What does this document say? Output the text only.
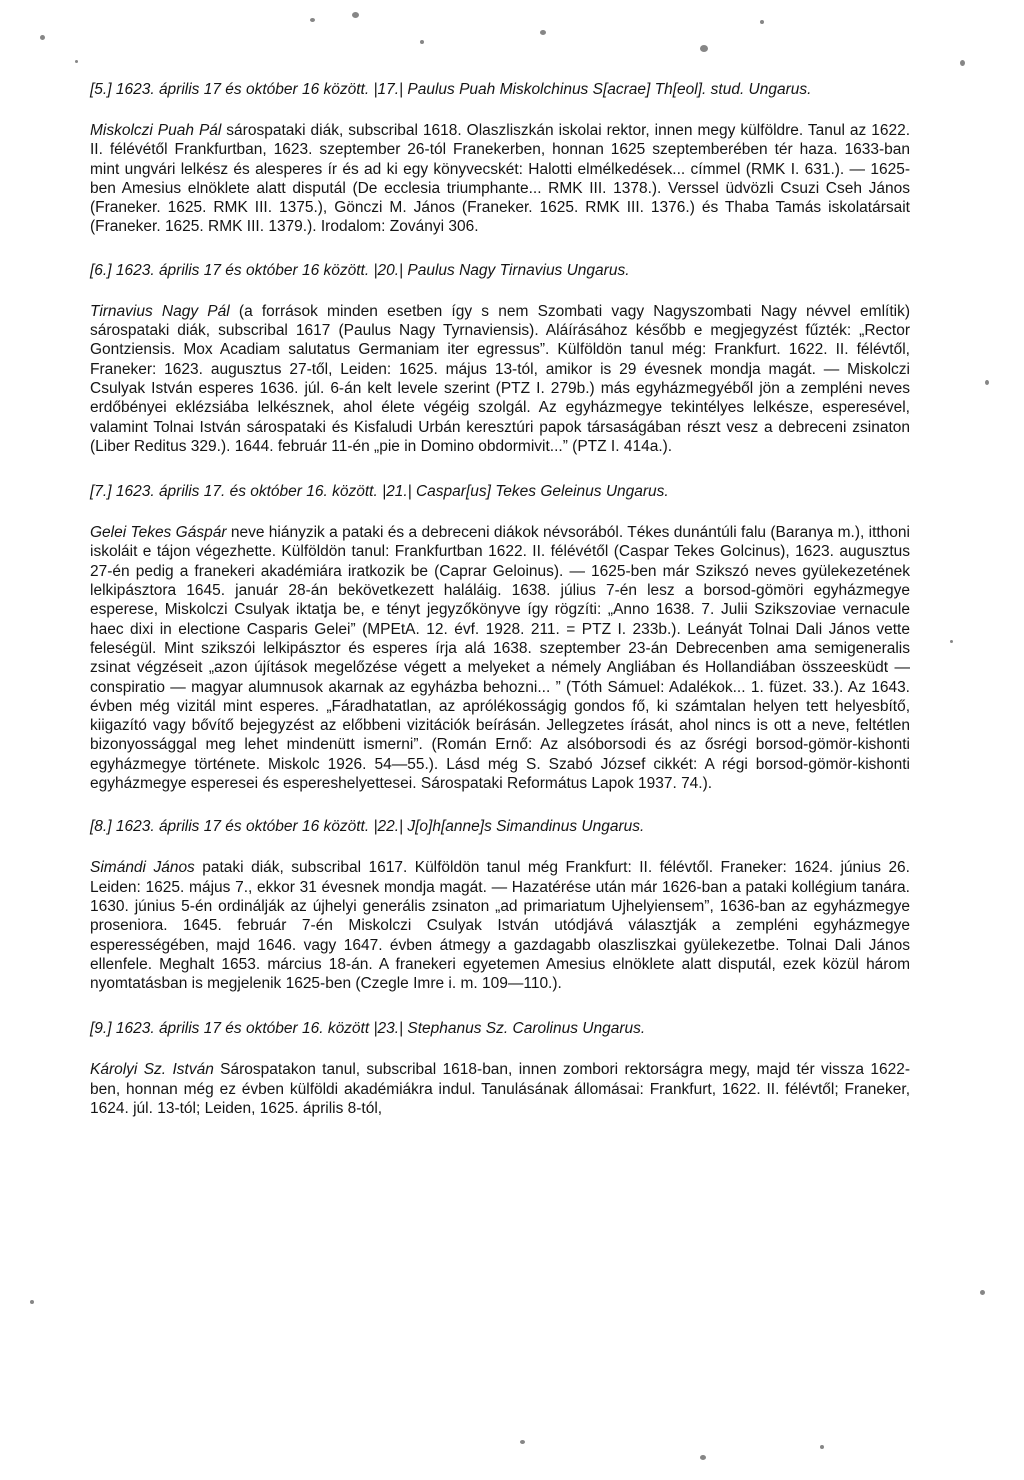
[5.] 1623. április 17 és október 16 között. |17.| Paulus Puah Miskolchinus S[acrae] Th[eol]. stud. Ungarus.

Miskolczi Puah Pál sárospataki diák, subscribal 1618. Olaszliszkán iskolai rektor, innen megy külföldre. Tanul az 1622. II. félévétől Frankfurtban, 1623. szeptember 26-tól Franekerben, honnan 1625 szeptemberében tér haza. 1633-ban mint ungvári lelkész és alesperes ír és ad ki egy könyvecskét: Halotti elmélkedések... címmel (RMK I. 631.). — 1625-ben Amesius elnöklete alatt disputál (De ecclesia triumphante... RMK III. 1378.). Verssel üdvözli Csuzi Cseh János (Franeker. 1625. RMK III. 1375.), Gönczi M. János (Franeker. 1625. RMK III. 1376.) és Thaba Tamás iskolatársait (Franeker. 1625. RMK III. 1379.). Irodalom: Zoványi 306.

[6.] 1623. április 17 és október 16 között. |20.| Paulus Nagy Tirnavius Ungarus.

Tirnavius Nagy Pál (a források minden esetben így s nem Szombati vagy Nagyszombati Nagy névvel említik) sárospataki diák, subscribal 1617 (Paulus Nagy Tyrnaviensis). Aláírásához később e megjegyzést fűzték: „Rector Gontziensis. Mox Acadiam salutatus Germaniam iter egressus”. Külföldön tanul még: Frankfurt. 1622. II. félévtől, Franeker: 1623. augusztus 27-től, Leiden: 1625. május 13-tól, amikor is 29 évesnek mondja magát. — Miskolczi Csulyak István esperes 1636. júl. 6-án kelt levele szerint (PTZ I. 279b.) más egyházmegyéből jön a zempléni neves erdőbényei eklézsiába lelkésznek, ahol élete végéig szolgál. Az egyházmegye tekintélyes lelkésze, esperesével, valamint Tolnai István sárospataki és Kisfaludi Urbán keresztúri papok társaságában részt vesz a debreceni zsinaton (Liber Reditus 329.). 1644. február 11-én „pie in Domino obdormivit...” (PTZ I. 414a.).

[7.] 1623. április 17. és október 16. között. |21.| Caspar[us] Tekes Geleinus Ungarus.

Gelei Tekes Gáspár neve hiányzik a pataki és a debreceni diákok névsorából. Tékes dunántúli falu (Baranya m.), itthoni iskoláit e tájon végezhette. Külföldön tanul: Frankfurtban 1622. II. félévétől (Caspar Tekes Golcinus), 1623. augusztus 27-én pedig a franekeri akadémiára iratkozik be (Caprar Geloinus). — 1625-ben már Szikszó neves gyülekezetének lelkipásztora 1645. január 28-án bekövetkezett haláláig. 1638. július 7-én lesz a borsod-gömöri egyházmegye esperese, Miskolczi Csulyak iktatja be, e tényt jegyzőkönyve így rögzíti: „Anno 1638. 7. Julii Szikszoviae vernacule haec dixi in electione Casparis Gelei” (MPEtA. 12. évf. 1928. 211. = PTZ I. 233b.). Leányát Tolnai Dali János vette feleségül. Mint szikszói lelkipásztor és esperes írja alá 1638. szeptember 23-án Debrecenben ama semigeneralis zsinat végzéseit „azon újítások megelőzése végett a melyeket a némely Angliában és Hollandiában összeesküdt — conspiratio — magyar alumnusok akarnak az egyházba behozni... ” (Tóth Sámuel: Adalékok... 1. füzet. 33.). Az 1643. évben még vizitál mint esperes. „Fáradhatatlan, az aprólékosságig gondos fő, ki számtalan helyen tett helyesbítő, kiigazító vagy bővítő bejegyzést az előbbeni vizitációk beírásán. Jellegzetes írását, ahol nincs is ott a neve, feltétlen bizonyossággal meg lehet mindenütt ismerni”. (Román Ernő: Az alsóborsodi és az ősrégi borsod-gömör-kishonti egyházmegye története. Miskolc 1926. 54—55.). Lásd még S. Szabó József cikkét: A régi borsod-gömör-kishonti egyházmegye esperesei és espereshelyettesei. Sárospataki Református Lapok 1937. 74.).

[8.] 1623. április 17 és október 16 között. |22.| J[o]h[anne]s Simandinus Ungarus.

Simándi János pataki diák, subscribal 1617. Külföldön tanul még Frankfurt: II. félévtől. Franeker: 1624. június 26. Leiden: 1625. május 7., ekkor 31 évesnek mondja magát. — Hazatérése után már 1626-ban a pataki kollégium tanára. 1630. június 5-én ordinálják az újhelyi generális zsinaton „ad primariatum Ujhelyiensem”, 1636-ban az egyházmegye proseniora. 1645. február 7-én Miskolczi Csulyak István utódjává választják a zempléni egyházmegye esperességében, majd 1646. vagy 1647. évben átmegy a gazdagabb olaszliszkai gyülekezetbe. Tolnai Dali János ellenfele. Meghalt 1653. március 18-án. A franekeri egyetemen Amesius elnöklete alatt disputál, ezek közül három nyomtatásban is megjelenik 1625-ben (Czegle Imre i. m. 109—110.).

[9.] 1623. április 17 és október 16. között |23.| Stephanus Sz. Carolinus Ungarus.

Károlyi Sz. István Sárospatakon tanul, subscribal 1618-ban, innen zombori rektorságra megy, majd tér vissza 1622-ben, honnan még ez évben külföldi akadémiákra indul. Tanulásának állomásai: Frankfurt, 1622. II. félévtől; Franeker, 1624. júl. 13-tól; Leiden, 1625. április 8-tól,
